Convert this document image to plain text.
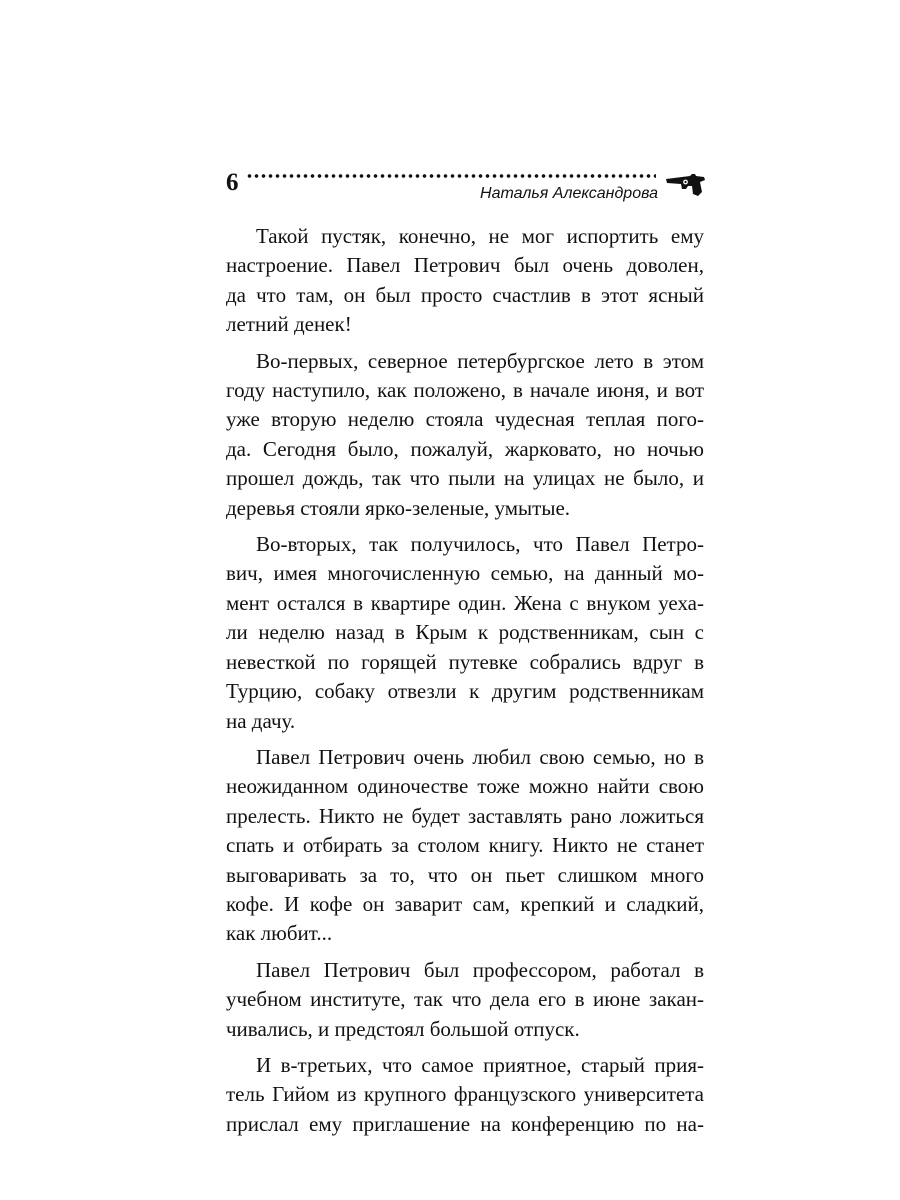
6	Наталья Александрова
Такой пустяк, конечно, не мог испортить ему
настроение. Павел Петрович был очень доволен,
да что там, он был просто счастлив в этот ясный
летний денек!
Во-первых, северное петербургское лето в этом
году наступило, как положено, в начале июня, и вот
уже вторую неделю стояла чудесная теплая пого-
да. Сегодня было, пожалуй, жарковато, но ночью
прошел дождь, так что пыли на улицах не было, и
деревья стояли ярко-зеленые, умытые.
Во-вторых, так получилось, что Павел Петро-
вич, имея многочисленную семью, на данный мо-
мент остался в квартире один. Жена с внуком уеха-
ли неделю назад в Крым к родственникам, сын с
невесткой по горящей путевке собрались вдруг в
Турцию, собаку отвезли к другим родственникам
на дачу.
Павел Петрович очень любил свою семью, но в
неожиданном одиночестве тоже можно найти свою
прелесть. Никто не будет заставлять рано ложиться
спать и отбирать за столом книгу. Никто не станет
выговаривать за то, что он пьет слишком много
кофе. И кофе он заварит сам, крепкий и сладкий,
как любит...
Павел Петрович был профессором, работал в
учебном институте, так что дела его в июне закан-
чивались, и предстоял большой отпуск.
И в-третьих, что самое приятное, старый прия-
тель Гийом из крупного французского университета
прислал ему приглашение на конференцию по на-
